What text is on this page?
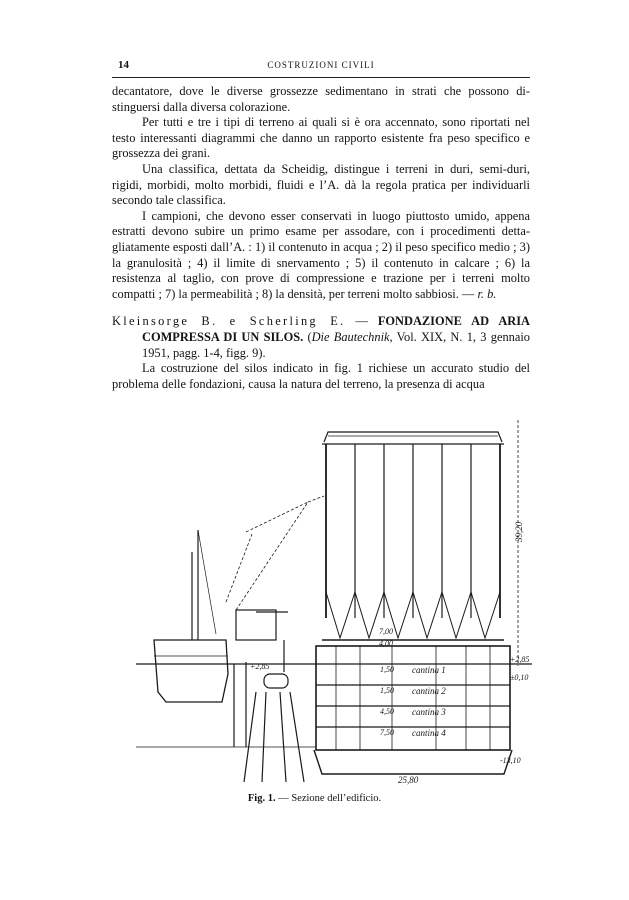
14	COSTRUZIONI CIVILI

decantatore, dove le diverse grossezze sedimentano in strati che possono distinguersi dalla diversa colorazione.

Per tutti e tre i tipi di terreno ai quali si è ora accennato, sono riportati nel testo interessanti diagrammi che danno un rapporto esistente fra peso specifico e grossezza dei grani.

Una classifica, dettata da Scheidig, distingue i terreni in duri, semi-duri, rigidi, morbidi, molto morbidi, fluidi e l’A. dà la regola pratica per individuarli secondo tale classifica.

I campioni, che devono esser conservati in luogo piuttosto umido, appena estratti devono subire un primo esame per assodare, con i procedimenti dettagliatamente esposti dall’A. : 1) il contenuto in acqua ; 2) il peso specifico medio ; 3) la granulosità ; 4) il limite di snervamento ; 5) il contenuto in calcare ; 6) la resistenza al taglio, con prove di compressione e trazione per i terreni molto compatti ; 7) la permeabilità ; 8) la densità, per terreni molto sabbiosi. — r. b.

Kleinsorge B. e Scherling E. — FONDAZIONE AD ARIA COMPRESSA DI UN SILOS. (Die Bautechnik, Vol. XIX, N. 1, 3 gennaio 1951, pagg. 1-4, figg. 9).

La costruzione del silos indicato in fig. 1 richiese un accurato studio del problema delle fondazioni, causa la natura del terreno, la presenza di acqua

39,20
25,80
+2,85
+2,85
±0,10
-13,10
7,00
4,00
1,50
1,50
4,50
7,50
cantina 1
cantina 2
cantina 3
cantina 4
Fig. 1. — Sezione dell’edificio.
